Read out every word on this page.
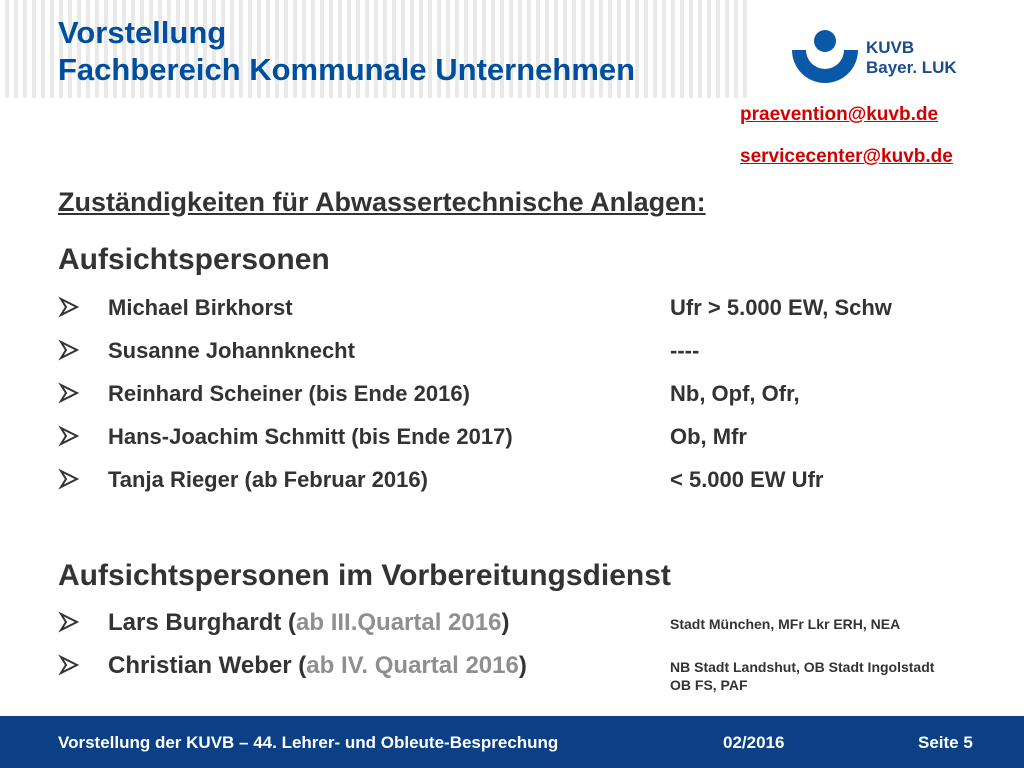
Vorstellung
Fachbereich Kommunale Unternehmen
KUVB
Bayer. LUK
praevention@kuvb.de
servicecenter@kuvb.de
Zuständigkeiten für Abwassertechnische Anlagen:
Aufsichtspersonen
Michael Birkhorst	Ufr > 5.000 EW, Schw
Susanne Johannknecht	----
Reinhard Scheiner (bis Ende 2016)	Nb, Opf, Ofr,
Hans-Joachim Schmitt (bis Ende 2017)	Ob, Mfr
Tanja Rieger (ab Februar 2016)	< 5.000 EW Ufr
Aufsichtspersonen im Vorbereitungsdienst
Lars Burghardt (ab III.Quartal 2016)	Stadt München, MFr Lkr ERH, NEA
Christian Weber (ab IV. Quartal 2016)	NB Stadt Landshut, OB Stadt Ingolstadt
OB FS, PAF
Vorstellung der KUVB – 44. Lehrer- und Obleute-Besprechung	02/2016	Seite 5
